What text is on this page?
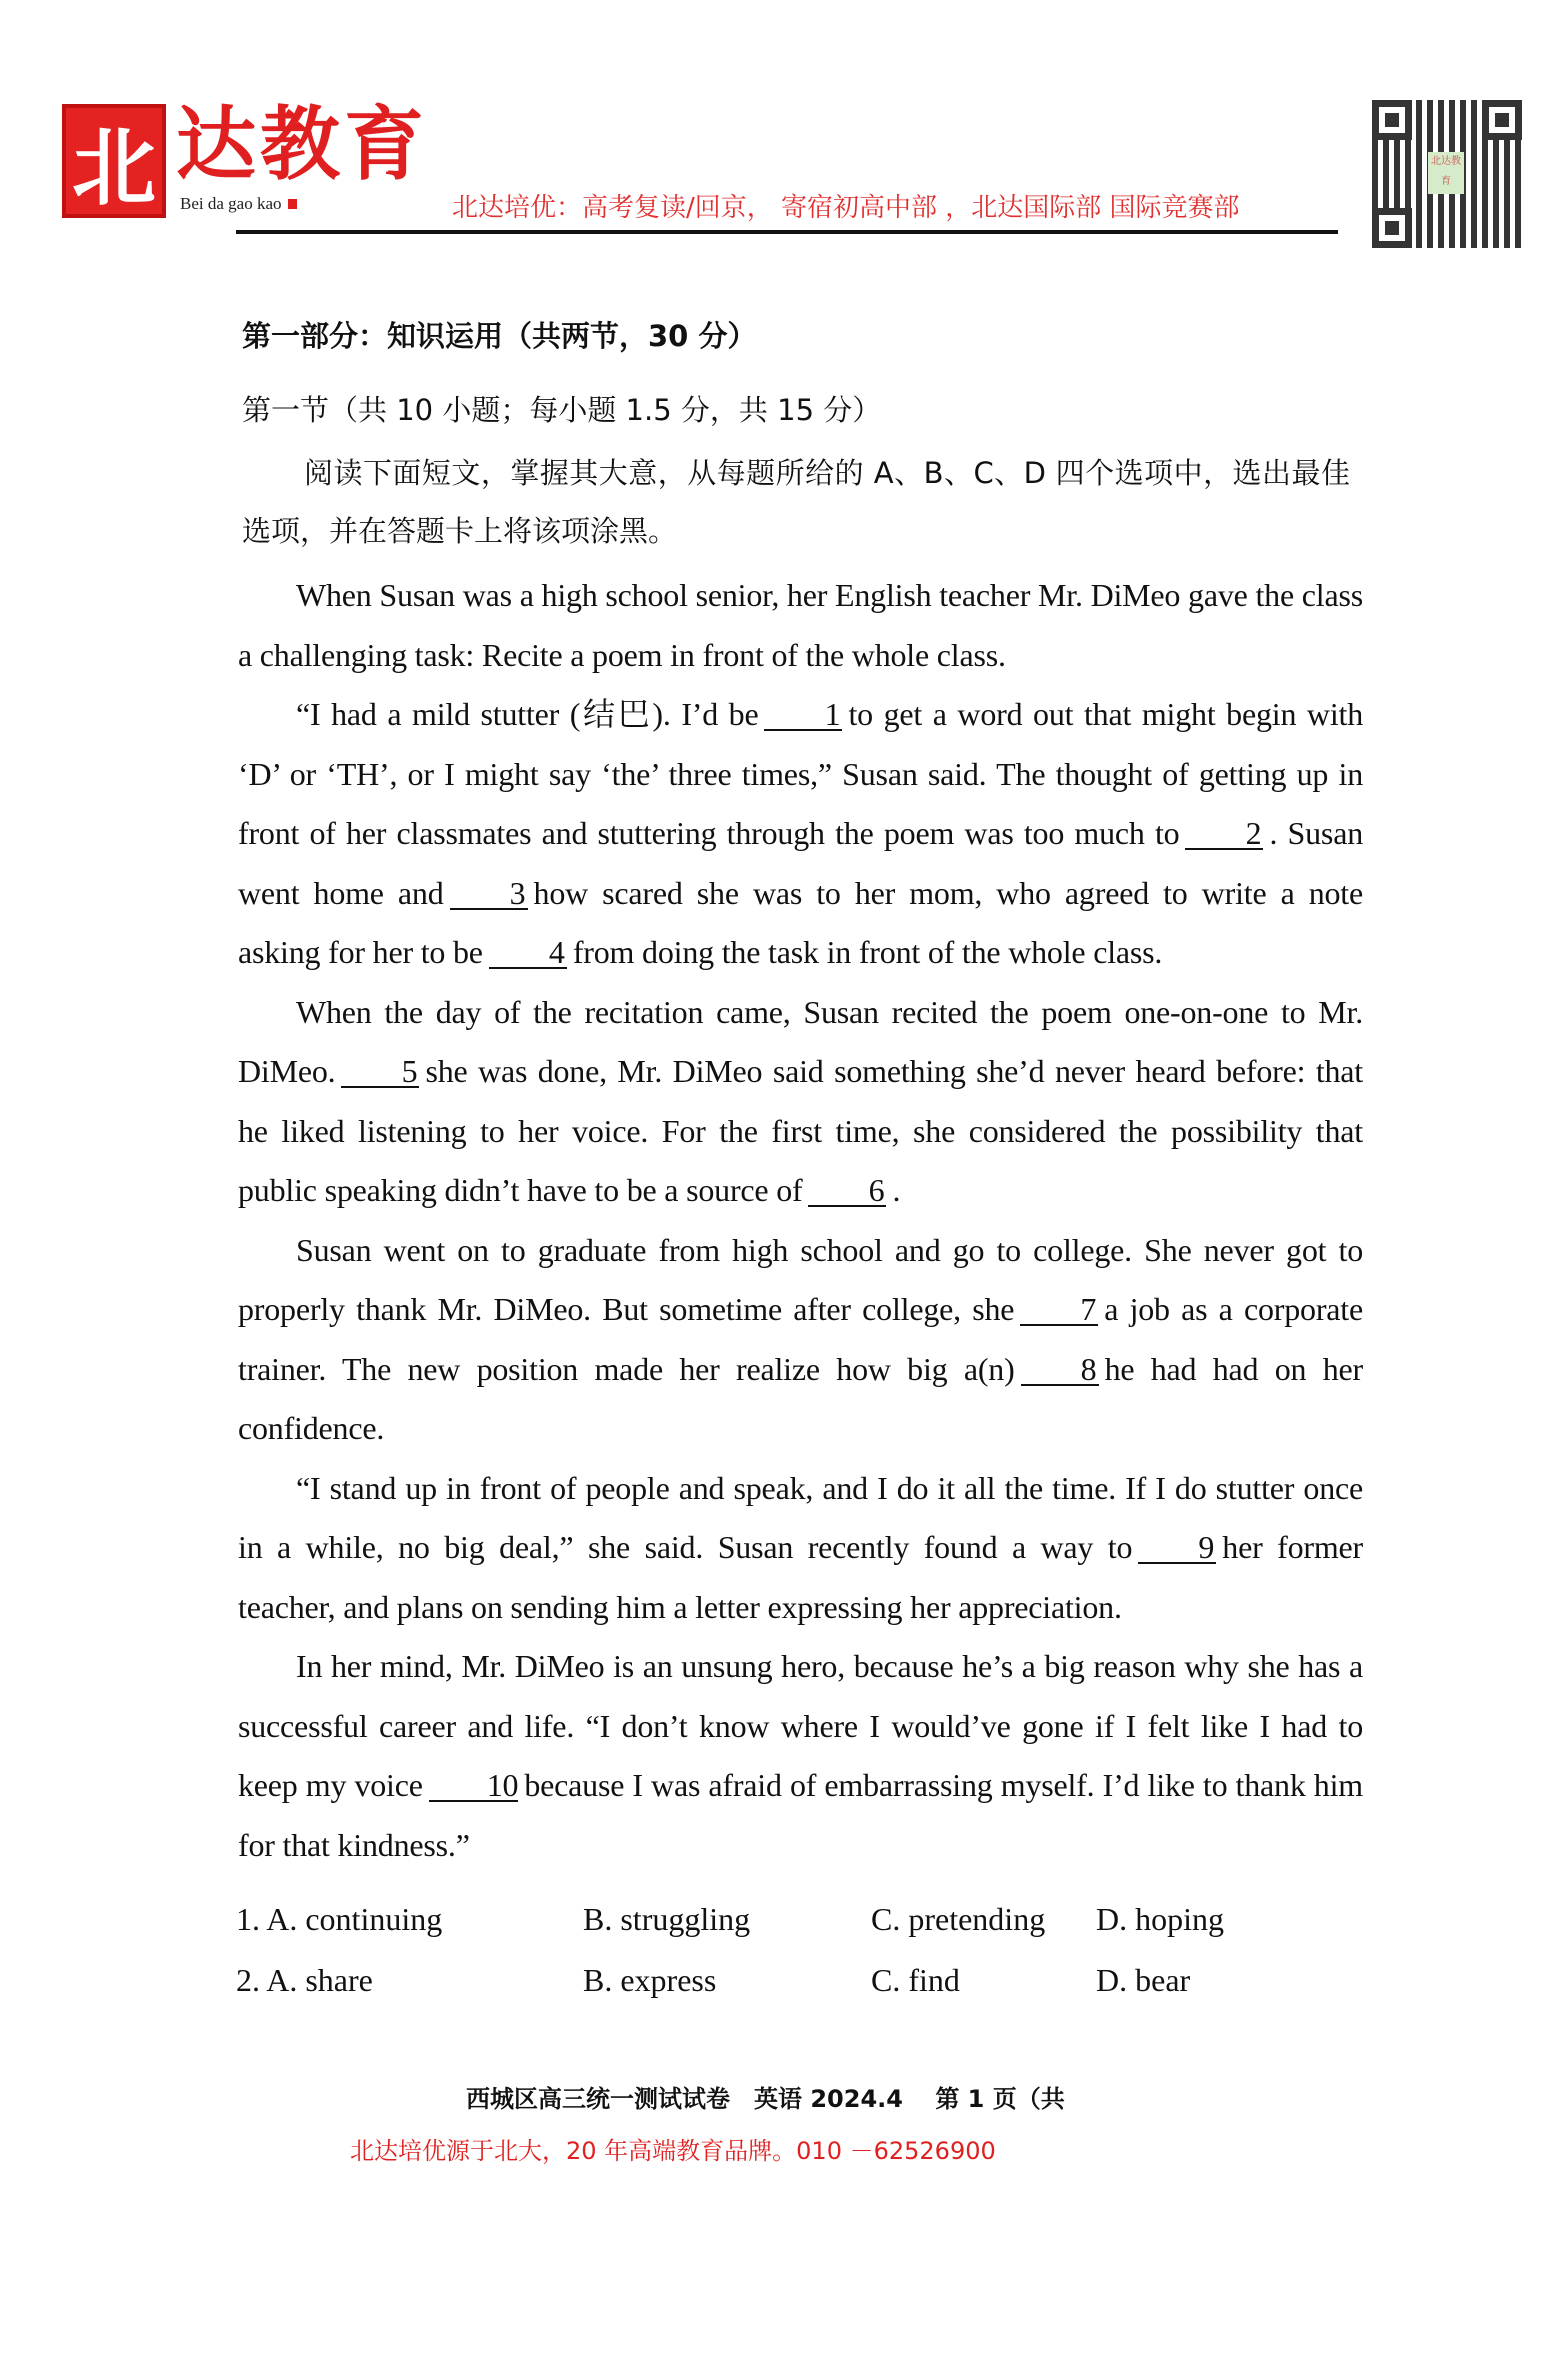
北 达教育
Bei da gao kao	北达培优：高考复读/回京， 寄宿初高中部 ，北达国际部 国际竞赛部
北达教育
第一部分：知识运用（共两节，30 分）
第一节（共 10 小题；每小题 1.5 分，共 15 分）
阅读下面短文，掌握其大意，从每题所给的 A、B、C、D 四个选项中，选出最佳选项，并在答题卡上将该项涂黑。

When Susan was a high school senior, her English teacher Mr. DiMeo gave the class a challenging task: Recite a poem in front of the whole class.

“I had a mild stutter (结巴). I’d be 1 to get a word out that might begin with ‘D’ or ‘TH’, or I might say ‘the’ three times,” Susan said. The thought of getting up in front of her classmates and stuttering through the poem was too much to 2 . Susan went home and 3 how scared she was to her mom, who agreed to write a note asking for her to be 4 from doing the task in front of the whole class.

When the day of the recitation came, Susan recited the poem one-on-one to Mr. DiMeo. 5 she was done, Mr. DiMeo said something she’d never heard before: that he liked listening to her voice. For the first time, she considered the possibility that public speaking didn’t have to be a source of 6 .

Susan went on to graduate from high school and go to college. She never got to properly thank Mr. DiMeo. But sometime after college, she 7 a job as a corporate trainer. The new position made her realize how big a(n) 8 he had had on her confidence.

“I stand up in front of people and speak, and I do it all the time. If I do stutter once in a while, no big deal,” she said. Susan recently found a way to 9 her former teacher, and plans on sending him a letter expressing her appreciation.

In her mind, Mr. DiMeo is an unsung hero, because he’s a big reason why she has a successful career and life. “I don’t know where I would’ve gone if I felt like I had to keep my voice 10 because I was afraid of embarrassing myself. I’d like to thank him for that kindness.”

1. A. continuing	B. struggling	C. pretending D. hoping
2. A. share	B. express	C. find	D. bear
西城区高三统一测试试卷　英语 2024.4　 第 1 页（共
北达培优源于北大，20 年高端教育品牌。010 －62526900
